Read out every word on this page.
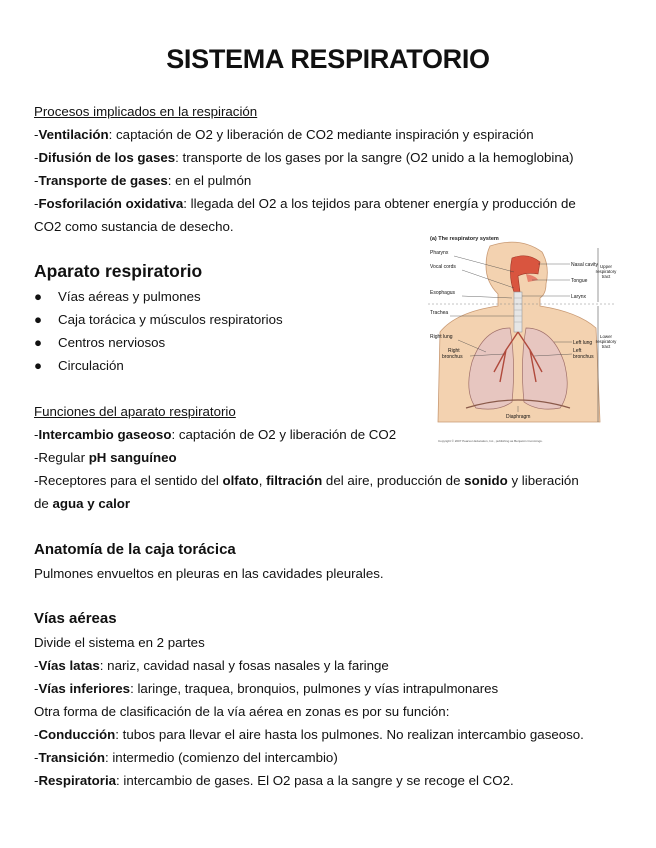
SISTEMA RESPIRATORIO
Procesos implicados en la respiración
-Ventilación: captación de O2 y liberación de CO2 mediante inspiración y espiración
-Difusión de los gases: transporte de los gases por la sangre (O2 unido a la hemoglobina)
-Transporte de gases: en el pulmón
-Fosforilación oxidativa: llegada del O2 a los tejidos para obtener energía y producción de
CO2 como sustancia de desecho.
Aparato respiratorio
● Vías aéreas y pulmones
● Caja torácica y músculos respiratorios
● Centros nerviosos
● Circulación
Funciones del aparato respiratorio
-Intercambio gaseoso: captación de O2 y liberación de CO2
-Regular pH sanguíneo
-Receptores para el sentido del olfato, filtración del aire, producción de sonido y liberación
de agua y calor
Anatomía de la caja torácica
Pulmones envueltos en pleuras en las cavidades pleurales.
Vías aéreas
Divide el sistema en 2 partes
-Vías latas: nariz, cavidad nasal y fosas nasales y la faringe
-Vías inferiores: laringe, traquea, bronquios, pulmones y vías intrapulmonares
Otra forma de clasificación de la vía aérea en zonas es por su función:
-Conducción: tubos para llevar el aire hasta los pulmones. No realizan intercambio gaseoso.
-Transición: intermedio (comienzo del intercambio)
-Respiratoria: intercambio de gases. El O2 pasa a la sangre y se recoge el CO2.
(a) The respiratory system
Pharynx
Vocal cords
Esophagus
Trachea
Right lung
Right
bronchus
Nasal cavity
Tongue
Larynx
Left lung
Left
bronchus
Diaphragm
Upper
respiratory
tract
Lower
respiratory
tract
Copyright © 2007 Pearson Education, Inc., publishing as Benjamin Cummings.
